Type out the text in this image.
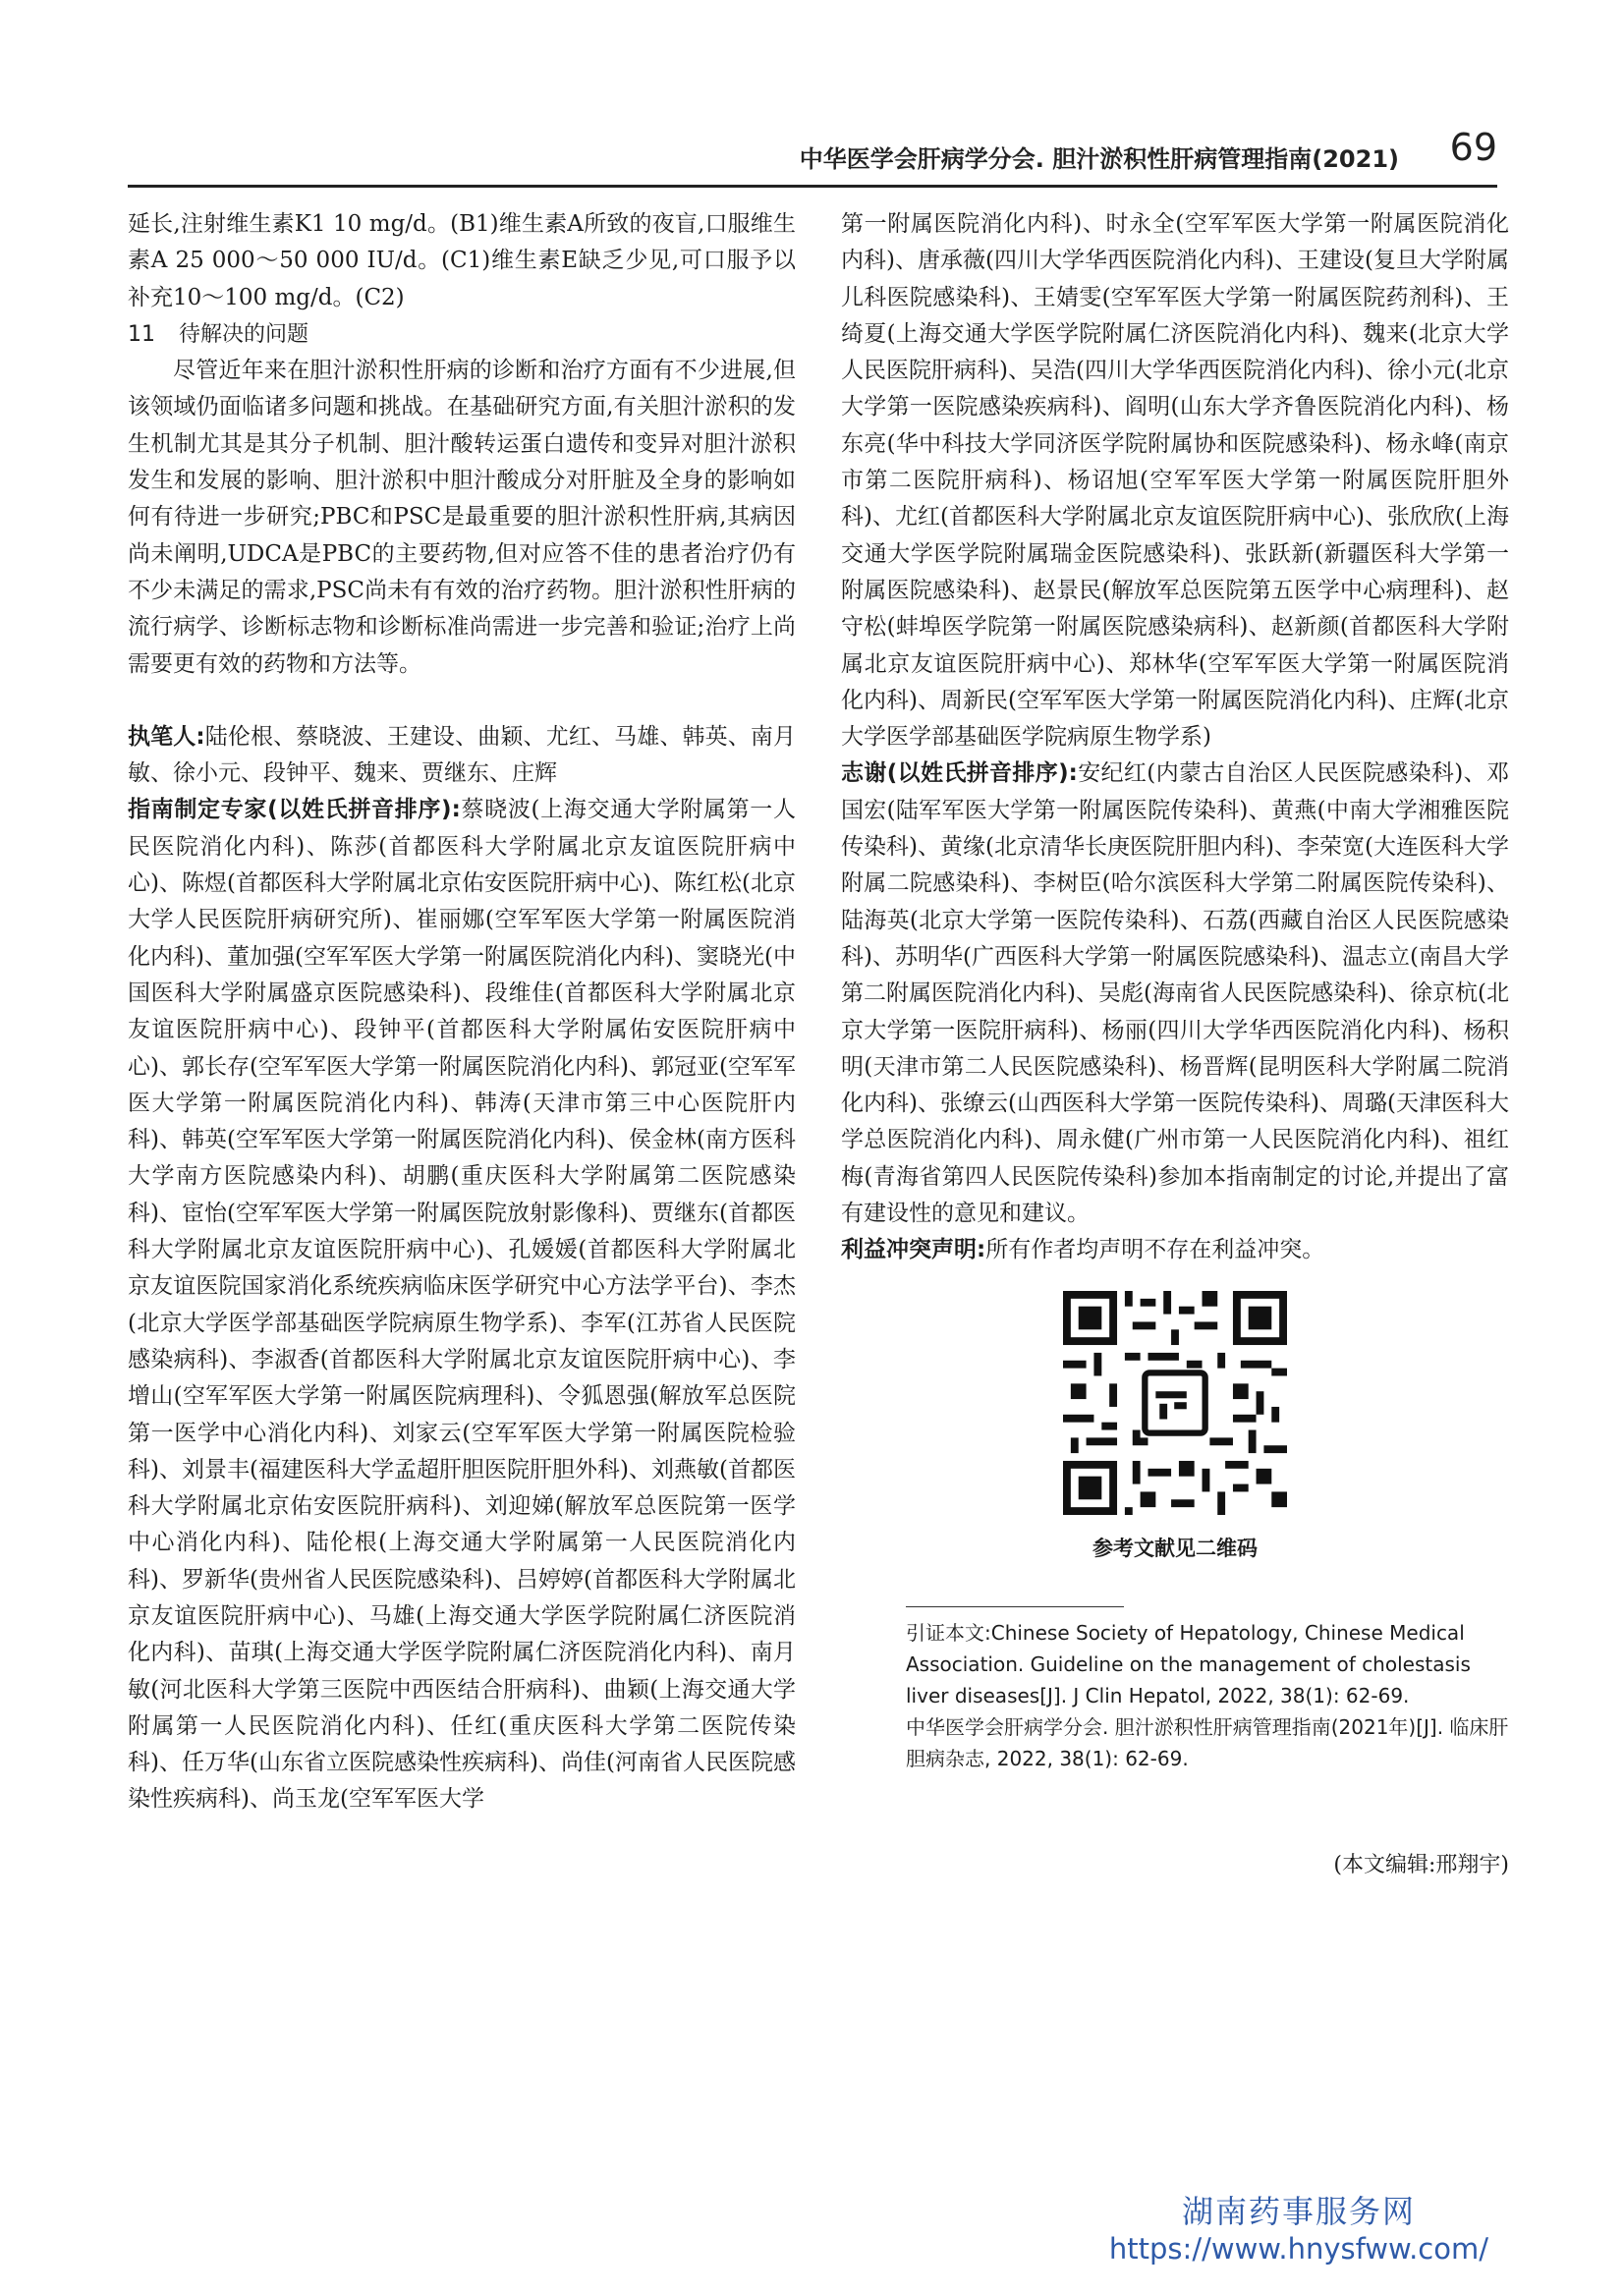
中华医学会肝病学分会. 胆汁淤积性肝病管理指南(2021) 69

延长,注射维生素K1 10 mg/d。(B1)维生素A所致的夜盲,口服维生素A 25 000～50 000 IU/d。(C1)维生素E缺乏少见,可口服予以补充10～100 mg/d。(C2)

11 待解决的问题

尽管近年来在胆汁淤积性肝病的诊断和治疗方面有不少进展,但该领域仍面临诸多问题和挑战。在基础研究方面,有关胆汁淤积的发生机制尤其是其分子机制、胆汁酸转运蛋白遗传和变异对胆汁淤积发生和发展的影响、胆汁淤积中胆汁酸成分对肝脏及全身的影响如何有待进一步研究;PBC和PSC是最重要的胆汁淤积性肝病,其病因尚未阐明,UDCA是PBC的主要药物,但对应答不佳的患者治疗仍有不少未满足的需求,PSC尚未有有效的治疗药物。胆汁淤积性肝病的流行病学、诊断标志物和诊断标准尚需进一步完善和验证;治疗上尚需要更有效的药物和方法等。

执笔人:陆伦根、蔡晓波、王建设、曲颖、尤红、马雄、韩英、南月敏、徐小元、段钟平、魏来、贾继东、庄辉

指南制定专家(以姓氏拼音排序):蔡晓波(上海交通大学附属第一人民医院消化内科)、陈莎(首都医科大学附属北京友谊医院肝病中心)、陈煜(首都医科大学附属北京佑安医院肝病中心)、陈红松(北京大学人民医院肝病研究所)、崔丽娜(空军军医大学第一附属医院消化内科)、董加强(空军军医大学第一附属医院消化内科)、窦晓光(中国医科大学附属盛京医院感染科)、段维佳(首都医科大学附属北京友谊医院肝病中心)、段钟平(首都医科大学附属佑安医院肝病中心)、郭长存(空军军医大学第一附属医院消化内科)、郭冠亚(空军军医大学第一附属医院消化内科)、韩涛(天津市第三中心医院肝内科)、韩英(空军军医大学第一附属医院消化内科)、侯金林(南方医科大学南方医院感染内科)、胡鹏(重庆医科大学附属第二医院感染科)、宦怡(空军军医大学第一附属医院放射影像科)、贾继东(首都医科大学附属北京友谊医院肝病中心)、孔媛媛(首都医科大学附属北京友谊医院国家消化系统疾病临床医学研究中心方法学平台)、李杰(北京大学医学部基础医学院病原生物学系)、李军(江苏省人民医院感染病科)、李淑香(首都医科大学附属北京友谊医院肝病中心)、李增山(空军军医大学第一附属医院病理科)、令狐恩强(解放军总医院第一医学中心消化内科)、刘家云(空军军医大学第一附属医院检验科)、刘景丰(福建医科大学孟超肝胆医院肝胆外科)、刘燕敏(首都医科大学附属北京佑安医院肝病科)、刘迎娣(解放军总医院第一医学中心消化内科)、陆伦根(上海交通大学附属第一人民医院消化内科)、罗新华(贵州省人民医院感染科)、吕婷婷(首都医科大学附属北京友谊医院肝病中心)、马雄(上海交通大学医学院附属仁济医院消化内科)、苗琪(上海交通大学医学院附属仁济医院消化内科)、南月敏(河北医科大学第三医院中西医结合肝病科)、曲颖(上海交通大学附属第一人民医院消化内科)、任红(重庆医科大学第二医院传染科)、任万华(山东省立医院感染性疾病科)、尚佳(河南省人民医院感染性疾病科)、尚玉龙(空军军医大学

第一附属医院消化内科)、时永全(空军军医大学第一附属医院消化内科)、唐承薇(四川大学华西医院消化内科)、王建设(复旦大学附属儿科医院感染科)、王婧雯(空军军医大学第一附属医院药剂科)、王绮夏(上海交通大学医学院附属仁济医院消化内科)、魏来(北京大学人民医院肝病科)、吴浩(四川大学华西医院消化内科)、徐小元(北京大学第一医院感染疾病科)、阎明(山东大学齐鲁医院消化内科)、杨东亮(华中科技大学同济医学院附属协和医院感染科)、杨永峰(南京市第二医院肝病科)、杨诏旭(空军军医大学第一附属医院肝胆外科)、尤红(首都医科大学附属北京友谊医院肝病中心)、张欣欣(上海交通大学医学院附属瑞金医院感染科)、张跃新(新疆医科大学第一附属医院感染科)、赵景民(解放军总医院第五医学中心病理科)、赵守松(蚌埠医学院第一附属医院感染病科)、赵新颜(首都医科大学附属北京友谊医院肝病中心)、郑林华(空军军医大学第一附属医院消化内科)、周新民(空军军医大学第一附属医院消化内科)、庄辉(北京大学医学部基础医学院病原生物学系)

志谢(以姓氏拼音排序):安纪红(内蒙古自治区人民医院感染科)、邓国宏(陆军军医大学第一附属医院传染科)、黄燕(中南大学湘雅医院传染科)、黄缘(北京清华长庚医院肝胆内科)、李荣宽(大连医科大学附属二院感染科)、李树臣(哈尔滨医科大学第二附属医院传染科)、陆海英(北京大学第一医院传染科)、石荔(西藏自治区人民医院感染科)、苏明华(广西医科大学第一附属医院感染科)、温志立(南昌大学第二附属医院消化内科)、吴彪(海南省人民医院感染科)、徐京杭(北京大学第一医院肝病科)、杨丽(四川大学华西医院消化内科)、杨积明(天津市第二人民医院感染科)、杨晋辉(昆明医科大学附属二院消化内科)、张缭云(山西医科大学第一医院传染科)、周璐(天津医科大学总医院消化内科)、周永健(广州市第一人民医院消化内科)、祖红梅(青海省第四人民医院传染科)参加本指南制定的讨论,并提出了富有建设性的意见和建议。

利益冲突声明:所有作者均声明不存在利益冲突。

参考文献见二维码

引证本文:Chinese Society of Hepatology, Chinese Medical Association. Guideline on the management of cholestasis liver diseases[J]. J Clin Hepatol, 2022, 38(1): 62-69.

中华医学会肝病学分会. 胆汁淤积性肝病管理指南(2021年)[J]. 临床肝胆病杂志, 2022, 38(1): 62-69.

(本文编辑:邢翔宇)

湖南药事服务网
https://www.hnysfww.com/
